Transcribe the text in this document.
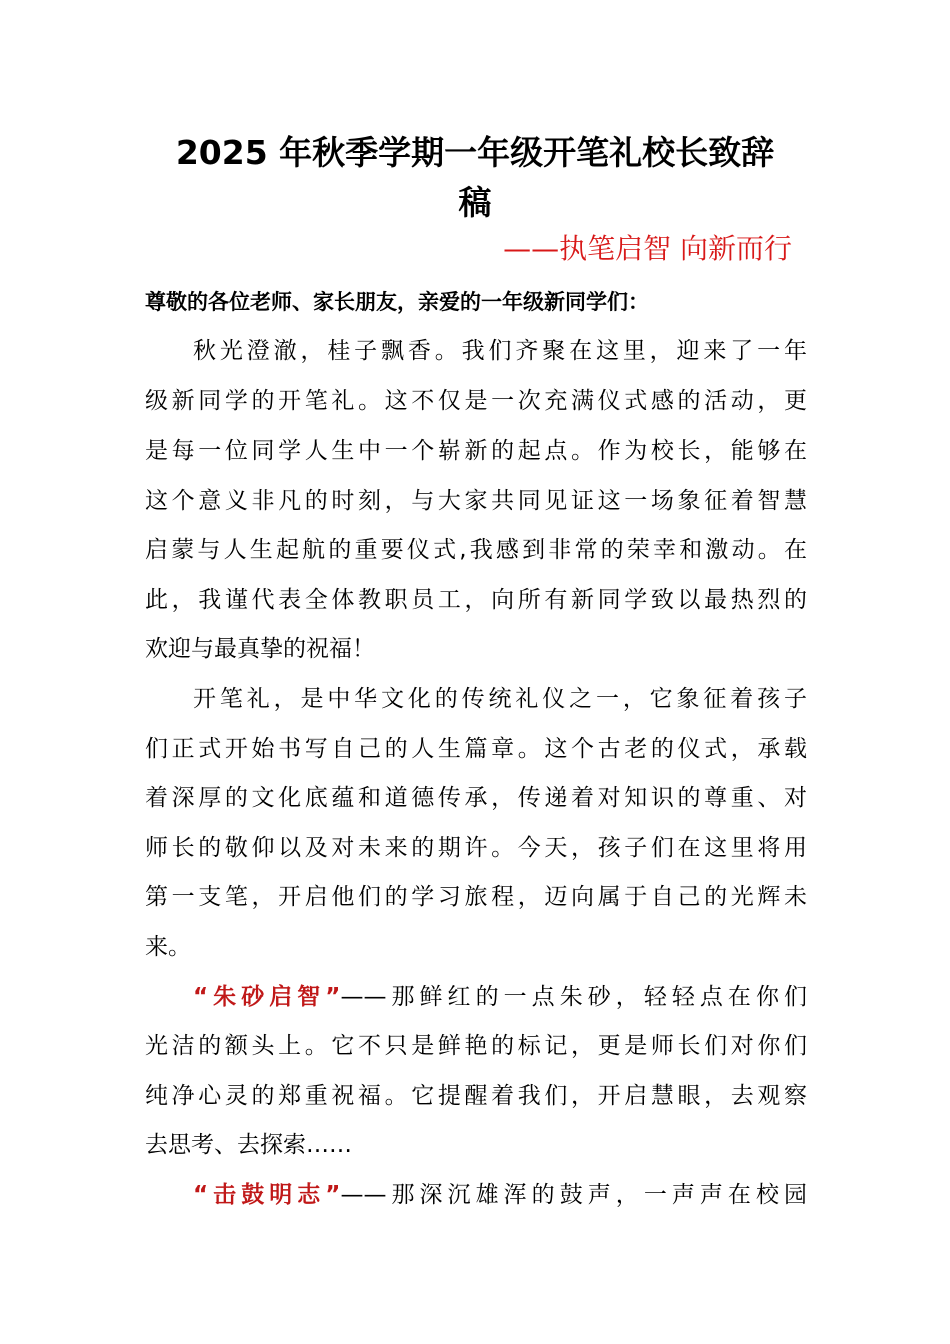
2025 年秋季学期一年级开笔礼校长致辞
稿
——执笔启智 向新而行
尊敬的各位老师、家长朋友，亲爱的一年级新同学们：
秋光澄澈，桂子飘香。我们齐聚在这里，迎来了一年
级新同学的开笔礼。这不仅是一次充满仪式感的活动，更
是每一位同学人生中一个崭新的起点。作为校长，能够在
这个意义非凡的时刻，与大家共同见证这一场象征着智慧
启蒙与人生起航的重要仪式,我感到非常的荣幸和激动。在
此，我谨代表全体教职员工，向所有新同学致以最热烈的
欢迎与最真挚的祝福！
开笔礼，是中华文化的传统礼仪之一，它象征着孩子
们正式开始书写自己的人生篇章。这个古老的仪式，承载
着深厚的文化底蕴和道德传承，传递着对知识的尊重、对
师长的敬仰以及对未来的期许。今天，孩子们在这里将用
第一支笔，开启他们的学习旅程，迈向属于自己的光辉未
来。
“朱砂启智”——那鲜红的一点朱砂，轻轻点在你们
光洁的额头上。它不只是鲜艳的标记，更是师长们对你们
纯净心灵的郑重祝福。它提醒着我们，开启慧眼，去观察
去思考、去探索……
“击鼓明志”——那深沉雄浑的鼓声，一声声在校园
